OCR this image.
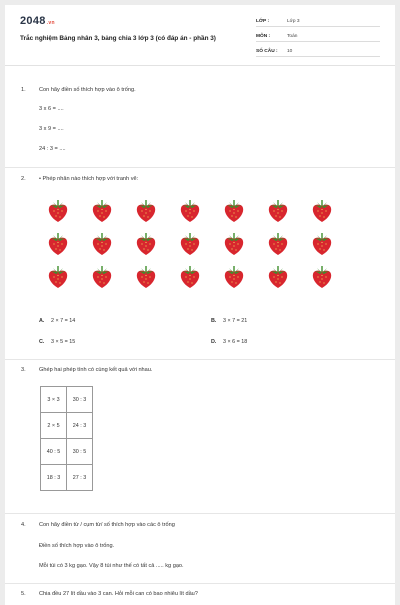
2048.vn
Trắc nghiệm Bảng nhân 3, bảng chia 3 lớp 3 (có đáp án - phần 3)
LỚP :	Lớp 3
MÔN :	Toán
SỐ CÂU : 10
1. Con hãy điền số thích hợp vào ô trống.
3 x 6 = ....
3 x 9 = ....
24 : 3 = ....
2. • Phép nhân nào thích hợp với tranh vẽ:
A. 2 × 7 = 14	B. 3 × 7 = 21
C. 3 × 5 = 15	D. 3 × 6 = 18
3. Ghép hai phép tính có cùng kết quả với nhau.
3 × 3	30 : 3
2 × 5	24 : 3
40 : 5	30 : 5
18 : 3	27 : 3
4. Con hãy điền từ / cụm từ/ số thích hợp vào các ô trống
Điền số thích hợp vào ô trống.
Mỗi túi có 3 kg gạo. Vậy 8 túi như thế có tất cả ..... kg gạo.
5. Chia đều 27 lít dầu vào 3 can. Hỏi mỗi can có bao nhiêu lít dầu?
